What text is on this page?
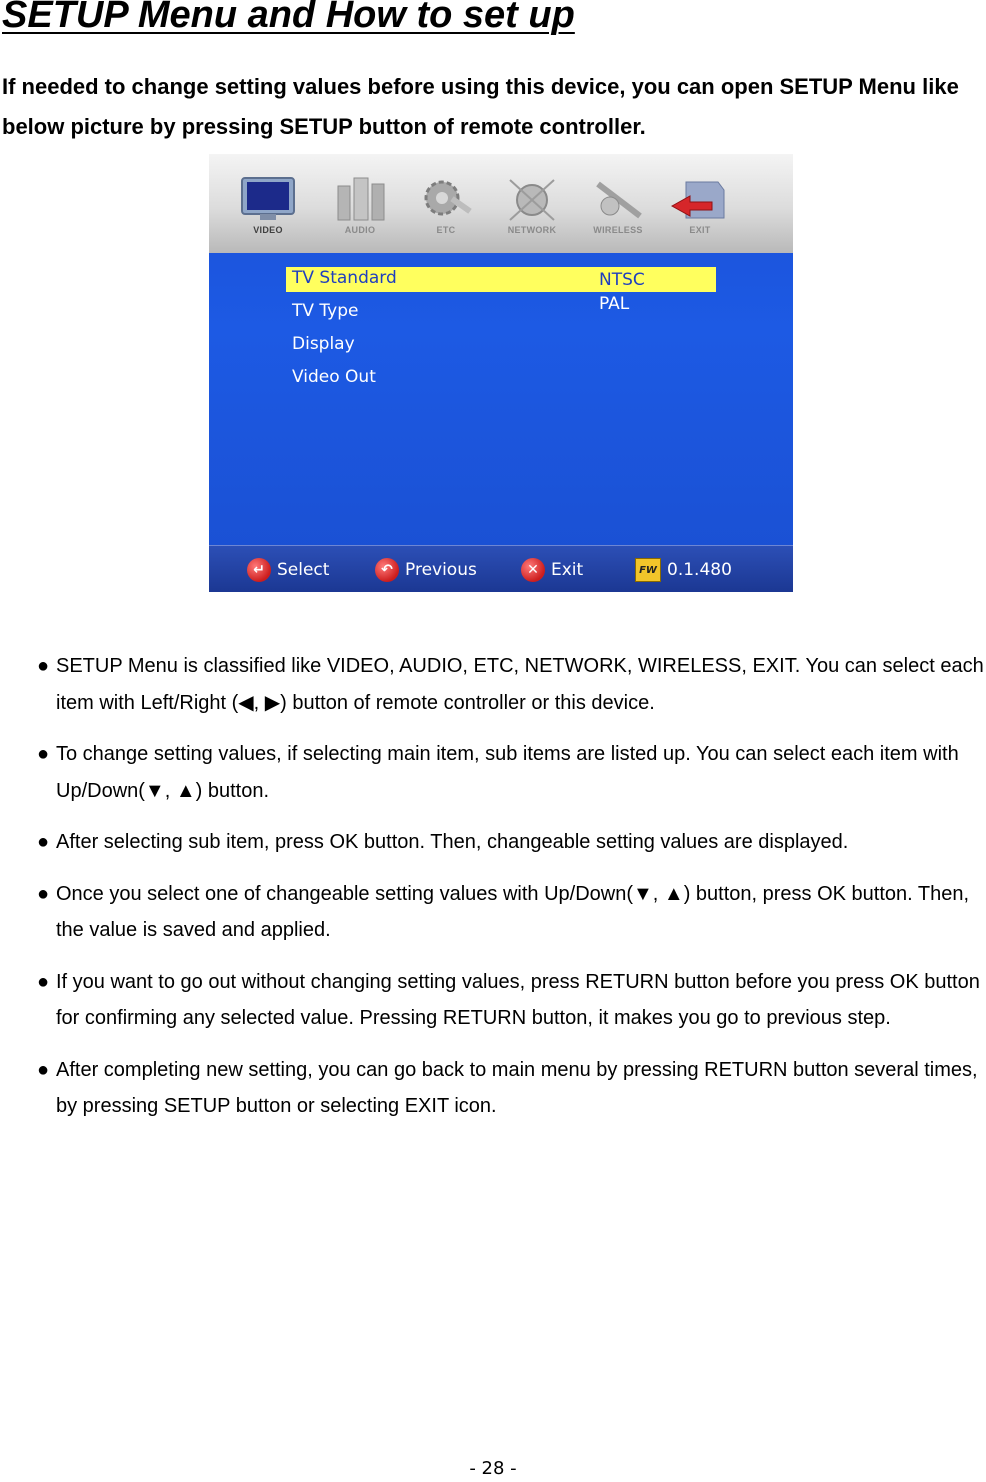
SETUP Menu and How to set up

If needed to change setting values before using this device, you can open SETUP Menu like below picture by pressing SETUP button of remote controller.

VIDEO	AUDIO	ETC	NETWORK	WIRELESS	EXIT
TV Standard
TV Type
Display
Video Out
NTSC
PAL
↵ Select	↶ Previous	✕ Exit	FW 0.1.480
● SETUP Menu is classified like VIDEO, AUDIO, ETC, NETWORK, WIRELESS, EXIT. You can select each item with Left/Right (◀, ▶) button of remote controller or this device.
● To change setting values, if selecting main item, sub items are listed up. You can select each item with Up/Down(▼, ▲) button.
● After selecting sub item, press OK button. Then, changeable setting values are displayed.
● Once you select one of changeable setting values with Up/Down(▼, ▲) button, press OK button. Then, the value is saved and applied.
● If you want to go out without changing setting values, press RETURN button before you press OK button for confirming any selected value. Pressing RETURN button, it makes you go to previous step.
● After completing new setting, you can go back to main menu by pressing RETURN button several times, by pressing SETUP button or selecting EXIT icon.
- 28 -
